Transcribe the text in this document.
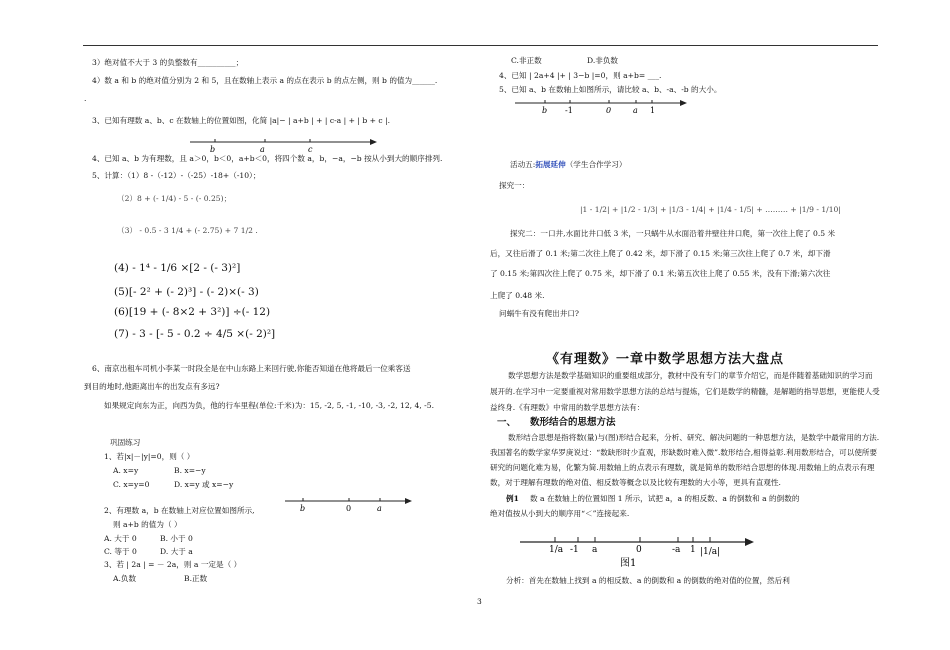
3）绝对值不大于 3 的负整数有__________；
4）数 a 和 b 的绝对值分别为 2 和 5，且在数轴上表示 a 的点在表示 b 的点左侧，则 b 的值为______.
.
3、已知有理数 a、b、c 在数轴上的位置如图，化简 |a|− | a+b | + | c-a | + | b + c |.
b	a	c
4、已知 a、b 为有理数，且 a＞0，b＜0，a+b＜0，将四个数 a，b，−a，−b 按从小到大的顺序排列.
5、计算：（1）8 -（-12）-（-25）-18+（-10）；
（2）8 + (- 1/4) - 5 - (- 0.25)；
（3） - 0.5 - 3 1/4 + (- 2.75) + 7 1/2 .
(4) - 1⁴ - 1/6 ×[2 - (- 3)²]
(5)[- 2² + (- 2)³] - (- 2)×(- 3)
(6)[19 + (- 8×2 + 3²)] ÷(- 12)
(7) - 3 - [- 5 - 0.2 ÷ 4/5 ×(- 2)²]
6、南京出租车司机小李某一时段全是在中山东路上来回行驶,你能否知道在他将最后一位乘客送
到目的地时,他距离出车的出发点有多远?
如果规定向东为正，向西为负，他的行车里程(单位:千米)为：15, -2, 5, -1, -10, -3, -2, 12, 4, -5.
巩固练习
1、若|x|－|y|=0，则（ ）
A. x=y	B. x=−y
C. x=y=0	D. x=y 或 x=−y
2、有理数 a，b 在数轴上对应位置如图所示,
则 a+b 的值为（ ）
A. 大于 0	B. 小于 0
C. 等于 0	D. 大于 a
b	0	a
3、若 | 2a | = － 2a，则 a 一定是（ ）
A.负数	B.正数
C.非正数	D.非负数
4、已知 | 2a+4 |+ | 3−b |=0，则 a+b= ___.
5、已知 a、b 在数轴上如图所示，请比较 a、b、-a、-b 的大小。
b -1	0	a 1
活动五:拓展延伸（学生合作学习）
探究一：
|1 - 1/2| + |1/2 - 1/3| + |1/3 - 1/4| + |1/4 - 1/5| + ……… + |1/9 - 1/10|
探究二：一口井,水面比井口低 3 米，一只蜗牛从水面沿着井壁往井口爬，第一次往上爬了 0.5 米
后，又往后滑了 0.1 米;第二次往上爬了 0.42 米，却下滑了 0.15 米;第三次往上爬了 0.7 米，却下滑
了 0.15 米;第四次往上爬了 0.75 米，却下滑了 0.1 米;第五次往上爬了 0.55 米，没有下滑;第六次往
上爬了 0.48 米.
问蜗牛有没有爬出井口?
《有理数》一章中数学思想方法大盘点
数学思想方法是数学基础知识的重要组成部分，教材中没有专门的章节介绍它，而是伴随着基础知识的学习而展开的.在学习中一定要重视对常用数学思想方法的总结与提炼，它们是数学的精髓，是解题的指导思想，更能使人受益终身.《有理数》中常用的数学思想方法有：
一、 数形结合的思想方法
数形结合思想是指将数(量)与(图)形结合起来，分析、研究、解决问题的一种思想方法，是数学中最常用的方法.我国著名的数学家华罗庚说过：“数缺形时少直观，形缺数时难入微”.数形结合,相得益彰.利用数形结合，可以使所要研究的问题化难为易，化繁为简.用数轴上的点表示有理数，就是简单的数形结合思想的体现.用数轴上的点表示有理数，对于理解有理数的绝对值、相反数等概念以及比较有理数的大小等，更具有直观性.
例1 数 a 在数轴上的位置如图 1 所示，试把 a，a 的相反数、a 的倒数和 a 的倒数的
绝对值按从小到大的顺序用“＜”连接起来.
1/a -1 a	0	-a 1 |1/a|
图1
分析：首先在数轴上找到 a 的相反数、a 的倒数和 a 的倒数的绝对值的位置，然后利
3
